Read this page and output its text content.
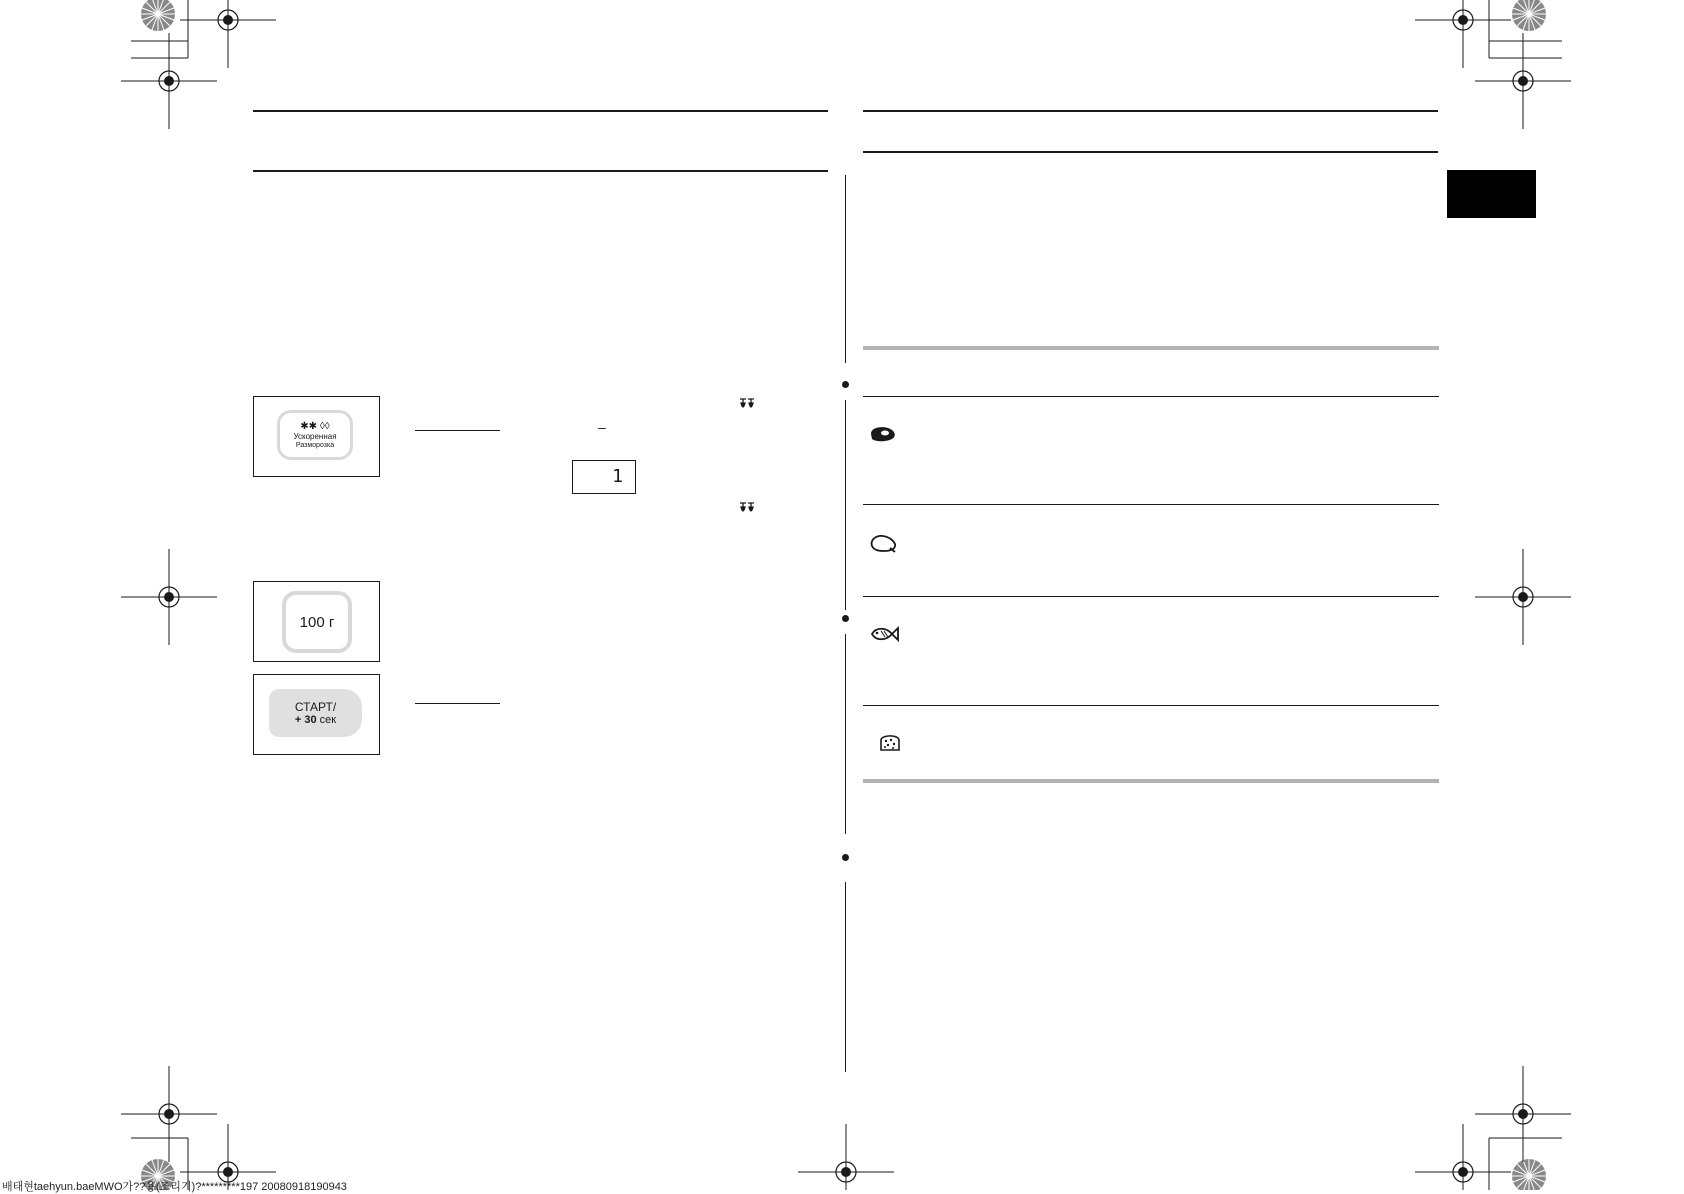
✱✱ ◊◊
Ускоренная
Разморозка
–
1
100 г
СТАРТ/
+ 30 сек
배태현taehyun.baeMWO가??용(조리기)?*********197 20080918190943
